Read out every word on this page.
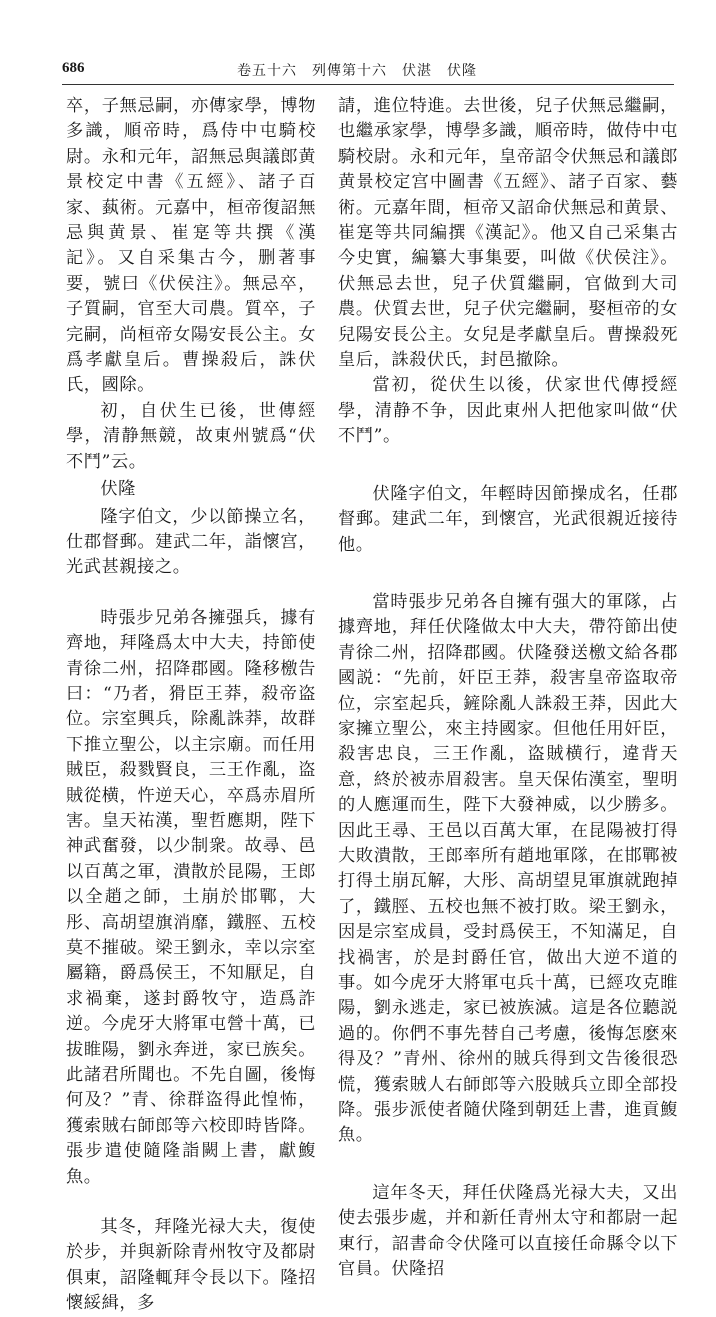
686	卷五十六　列傳第十六　伏湛　伏隆

卒，子無忌嗣，亦傳家學，博物多識，順帝時，爲侍中屯騎校尉。永和元年，詔無忌與議郎黄景校定中書《五經》、諸子百家、蓺術。元嘉中，桓帝復詔無忌與黄景、崔寔等共撰《漢記》。又自采集古今，删著事要，號曰《伏侯注》。無忌卒，子質嗣，官至大司農。質卒，子完嗣，尚桓帝女陽安長公主。女爲孝獻皇后。曹操殺后，誅伏氏，國除。

初，自伏生已後，世傳經學，清静無競，故東州號爲“伏不鬥”云。

伏隆

隆字伯文，少以節操立名，仕郡督郵。建武二年，詣懷宫，光武甚親接之。

時張步兄弟各擁强兵，據有齊地，拜隆爲太中大夫，持節使青徐二州，招降郡國。隆移檄告曰：“乃者，猾臣王莽，殺帝盗位。宗室興兵，除亂誅莽，故群下推立聖公，以主宗廟。而任用賊臣，殺戮賢良，三王作亂，盗賊從横，忤逆天心，卒爲赤眉所害。皇天祐漢，聖哲應期，陛下神武奮發，以少制衆。故尋、邑以百萬之軍，潰散於昆陽，王郎以全趙之師，土崩於邯鄲，大彤、高胡望旗消靡，鐵脛、五校莫不摧破。梁王劉永，幸以宗室屬籍，爵爲侯王，不知厭足，自求禍棄，遂封爵牧守，造爲詐逆。今虎牙大將軍屯營十萬，已拔睢陽，劉永奔迸，家已族矣。此諸君所聞也。不先自圖，後悔何及？”青、徐群盗得此惶怖，獲索賊右師郎等六校即時皆降。張步遣使隨隆詣闕上書，獻鰒魚。

其冬，拜隆光禄大夫，復使於步，并與新除青州牧守及都尉俱東，詔隆輒拜令長以下。隆招懷綏緝，多

請，進位特進。去世後，兒子伏無忌繼嗣，也繼承家學，博學多識，順帝時，做侍中屯騎校尉。永和元年，皇帝詔令伏無忌和議郎黄景校定宫中圖書《五經》、諸子百家、藝術。元嘉年間，桓帝又詔命伏無忌和黄景、崔寔等共同編撰《漢記》。他又自己采集古今史實，編纂大事集要，叫做《伏侯注》。伏無忌去世，兒子伏質繼嗣，官做到大司農。伏質去世，兒子伏完繼嗣，娶桓帝的女兒陽安長公主。女兒是孝獻皇后。曹操殺死皇后，誅殺伏氏，封邑撤除。

當初，從伏生以後，伏家世代傳授經學，清静不争，因此東州人把他家叫做“伏不鬥”。

伏隆字伯文，年輕時因節操成名，任郡督郵。建武二年，到懷宫，光武很親近接待他。

當時張步兄弟各自擁有强大的軍隊，占據齊地，拜任伏隆做太中大夫，帶符節出使青徐二州，招降郡國。伏隆發送檄文給各郡國説：“先前，奸臣王莽，殺害皇帝盗取帝位，宗室起兵，鏟除亂人誅殺王莽，因此大家擁立聖公，來主持國家。但他任用奸臣，殺害忠良，三王作亂，盗賊横行，違背天意，終於被赤眉殺害。皇天保佑漢室，聖明的人應運而生，陛下大發神威，以少勝多。因此王尋、王邑以百萬大軍，在昆陽被打得大敗潰散，王郎率所有趙地軍隊，在邯鄲被打得土崩瓦解，大彤、高胡望見軍旗就跑掉了，鐵脛、五校也無不被打敗。梁王劉永，因是宗室成員，受封爲侯王，不知滿足，自找禍害，於是封爵任官，做出大逆不道的事。如今虎牙大將軍屯兵十萬，已經攻克睢陽，劉永逃走，家已被族滅。這是各位聽説過的。你們不事先替自己考慮，後悔怎麽來得及？”青州、徐州的賊兵得到文告後很恐慌，獲索賊人右師郎等六股賊兵立即全部投降。張步派使者隨伏隆到朝廷上書，進貢鰒魚。

這年冬天，拜任伏隆爲光禄大夫，又出使去張步處，并和新任青州太守和都尉一起東行，詔書命令伏隆可以直接任命縣令以下官員。伏隆招
